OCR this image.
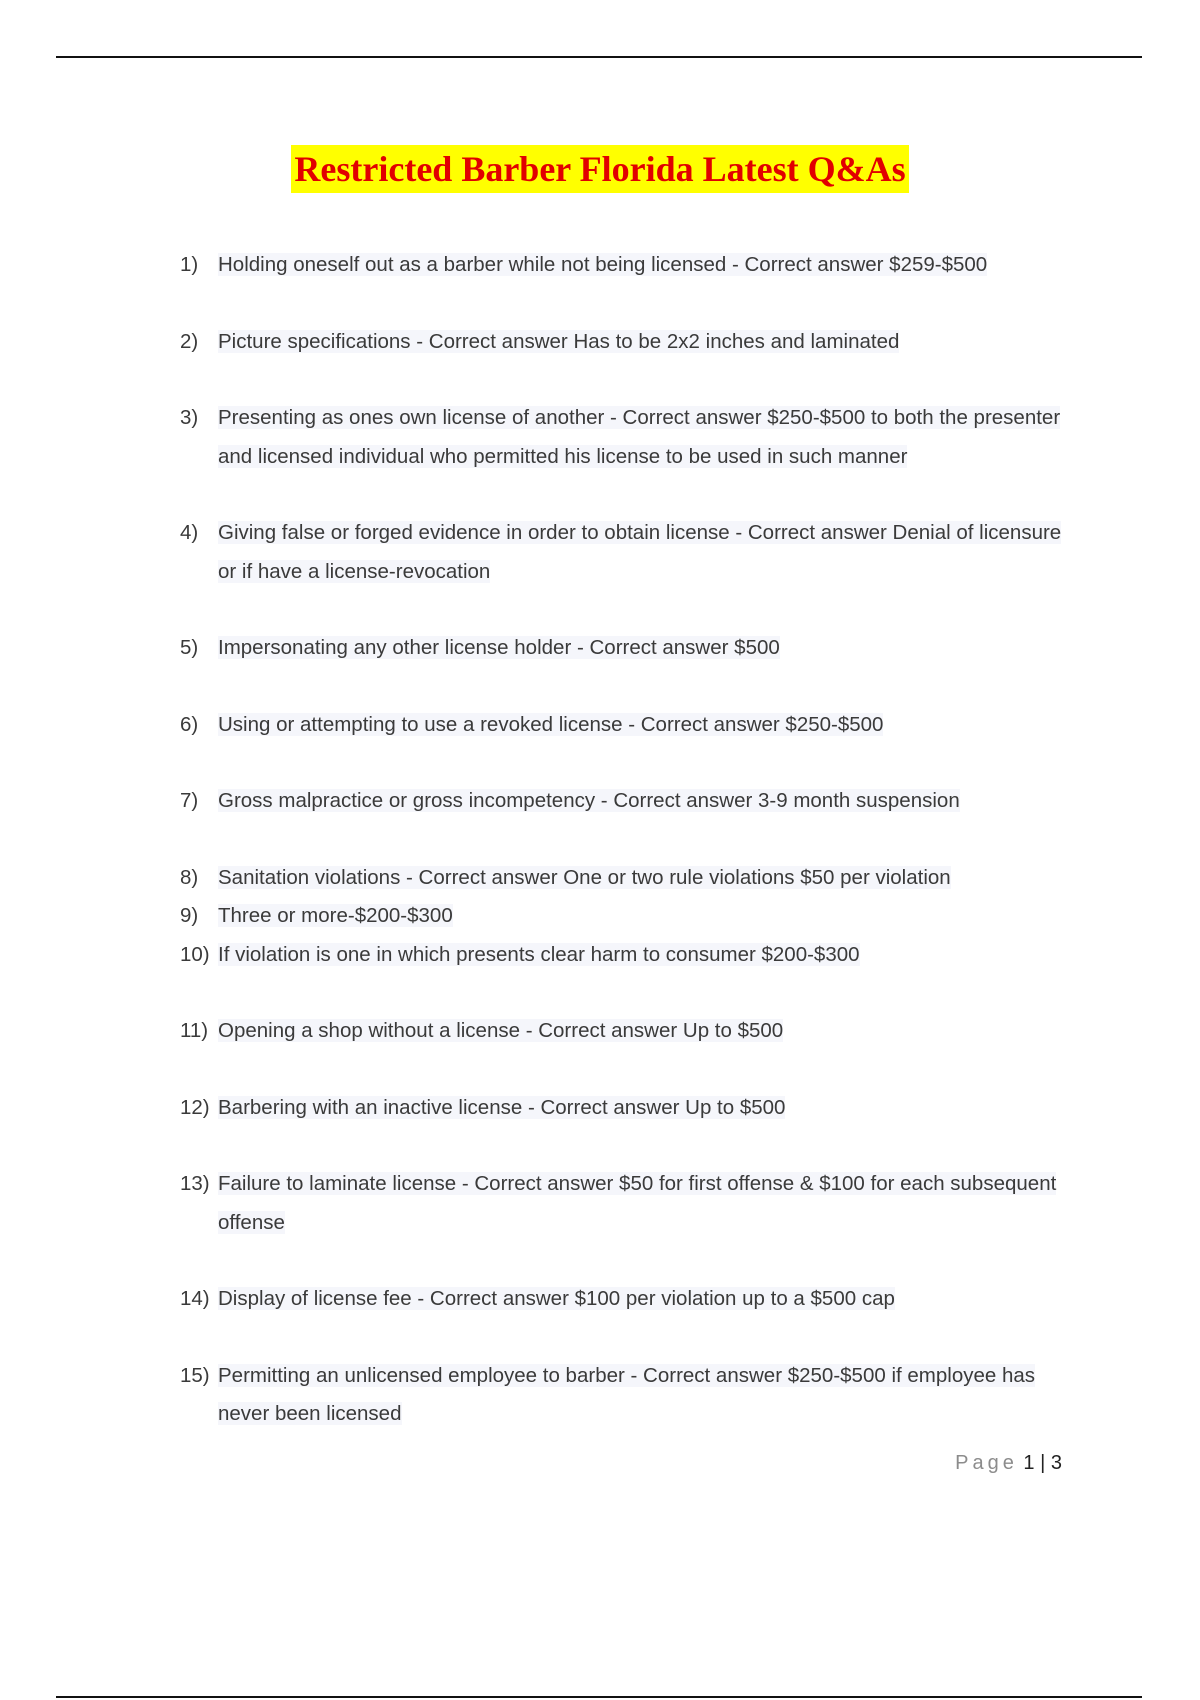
Restricted Barber Florida Latest Q&As
1) Holding oneself out as a barber while not being licensed - Correct answer $259-$500
2) Picture specifications - Correct answer Has to be 2x2 inches and laminated
3) Presenting as ones own license of another - Correct answer $250-$500 to both the presenter and licensed individual who permitted his license to be used in such manner
4) Giving false or forged evidence in order to obtain license - Correct answer Denial of licensure or if have a license-revocation
5) Impersonating any other license holder - Correct answer $500
6) Using or attempting to use a revoked license - Correct answer $250-$500
7) Gross malpractice or gross incompetency - Correct answer 3-9 month suspension
8) Sanitation violations - Correct answer One or two rule violations $50 per violation
9) Three or more-$200-$300
10) If violation is one in which presents clear harm to consumer $200-$300
11) Opening a shop without a license - Correct answer Up to $500
12) Barbering with an inactive license - Correct answer Up to $500
13) Failure to laminate license - Correct answer $50 for first offense & $100 for each subsequent offense
14) Display of license fee - Correct answer $100 per violation up to a $500 cap
15) Permitting an unlicensed employee to barber - Correct answer $250-$500 if employee has never been licensed
Page 1 | 3
